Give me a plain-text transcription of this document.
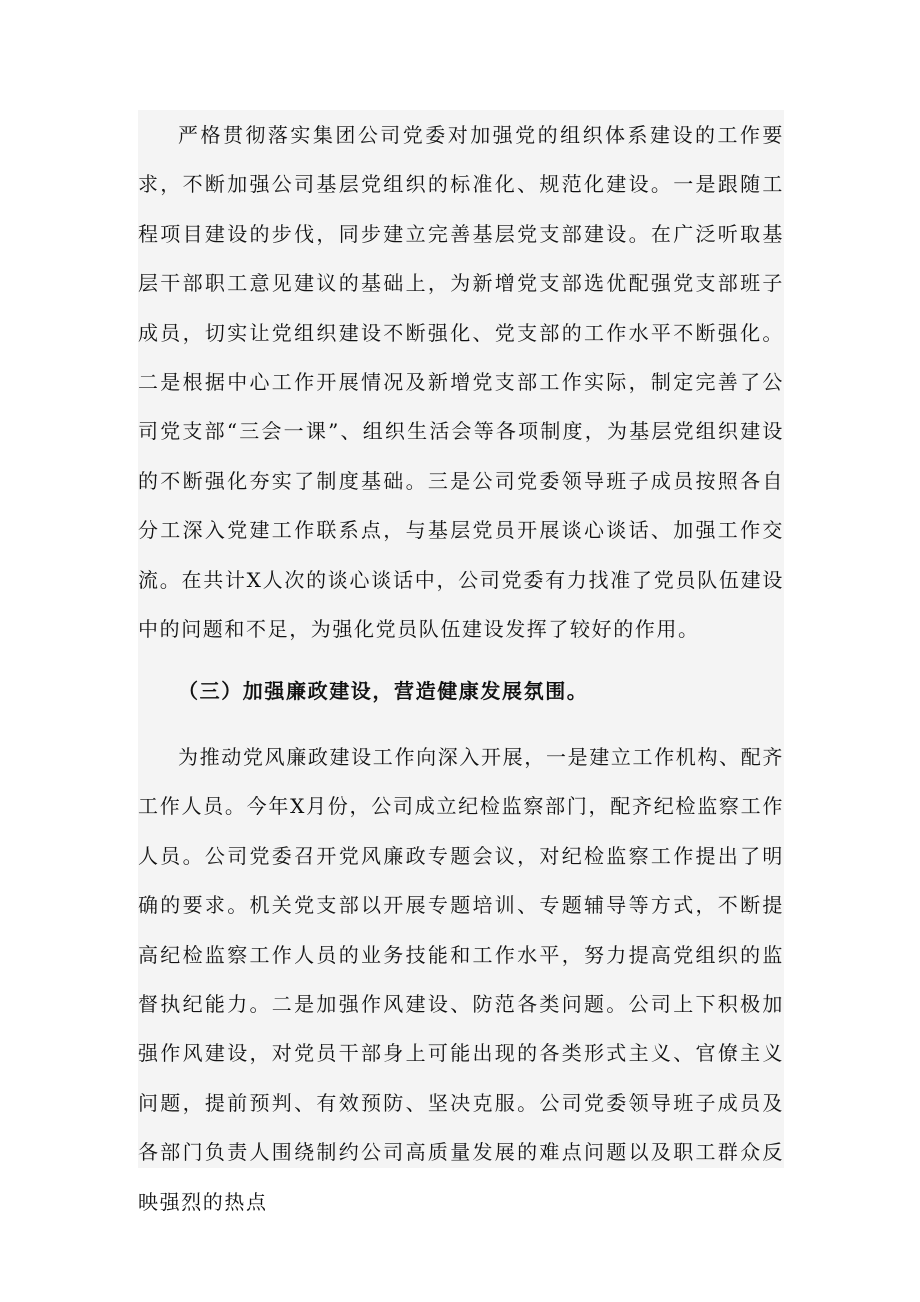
严格贯彻落实集团公司党委对加强党的组织体系建设的工作要求，不断加强公司基层党组织的标准化、规范化建设。一是跟随工程项目建设的步伐，同步建立完善基层党支部建设。在广泛听取基层干部职工意见建议的基础上，为新增党支部选优配强党支部班子成员，切实让党组织建设不断强化、党支部的工作水平不断强化。二是根据中心工作开展情况及新增党支部工作实际，制定完善了公司党支部“三会一课”、组织生活会等各项制度，为基层党组织建设的不断强化夯实了制度基础。三是公司党委领导班子成员按照各自分工深入党建工作联系点，与基层党员开展谈心谈话、加强工作交流。在共计X人次的谈心谈话中，公司党委有力找准了党员队伍建设中的问题和不足，为强化党员队伍建设发挥了较好的作用。

（三）加强廉政建设，营造健康发展氛围。

为推动党风廉政建设工作向深入开展，一是建立工作机构、配齐工作人员。今年X月份，公司成立纪检监察部门，配齐纪检监察工作人员。公司党委召开党风廉政专题会议，对纪检监察工作提出了明确的要求。机关党支部以开展专题培训、专题辅导等方式，不断提高纪检监察工作人员的业务技能和工作水平，努力提高党组织的监督执纪能力。二是加强作风建设、防范各类问题。公司上下积极加强作风建设，对党员干部身上可能出现的各类形式主义、官僚主义问题，提前预判、有效预防、坚决克服。公司党委领导班子成员及各部门负责人围绕制约公司高质量发展的难点问题以及职工群众反映强烈的热点
